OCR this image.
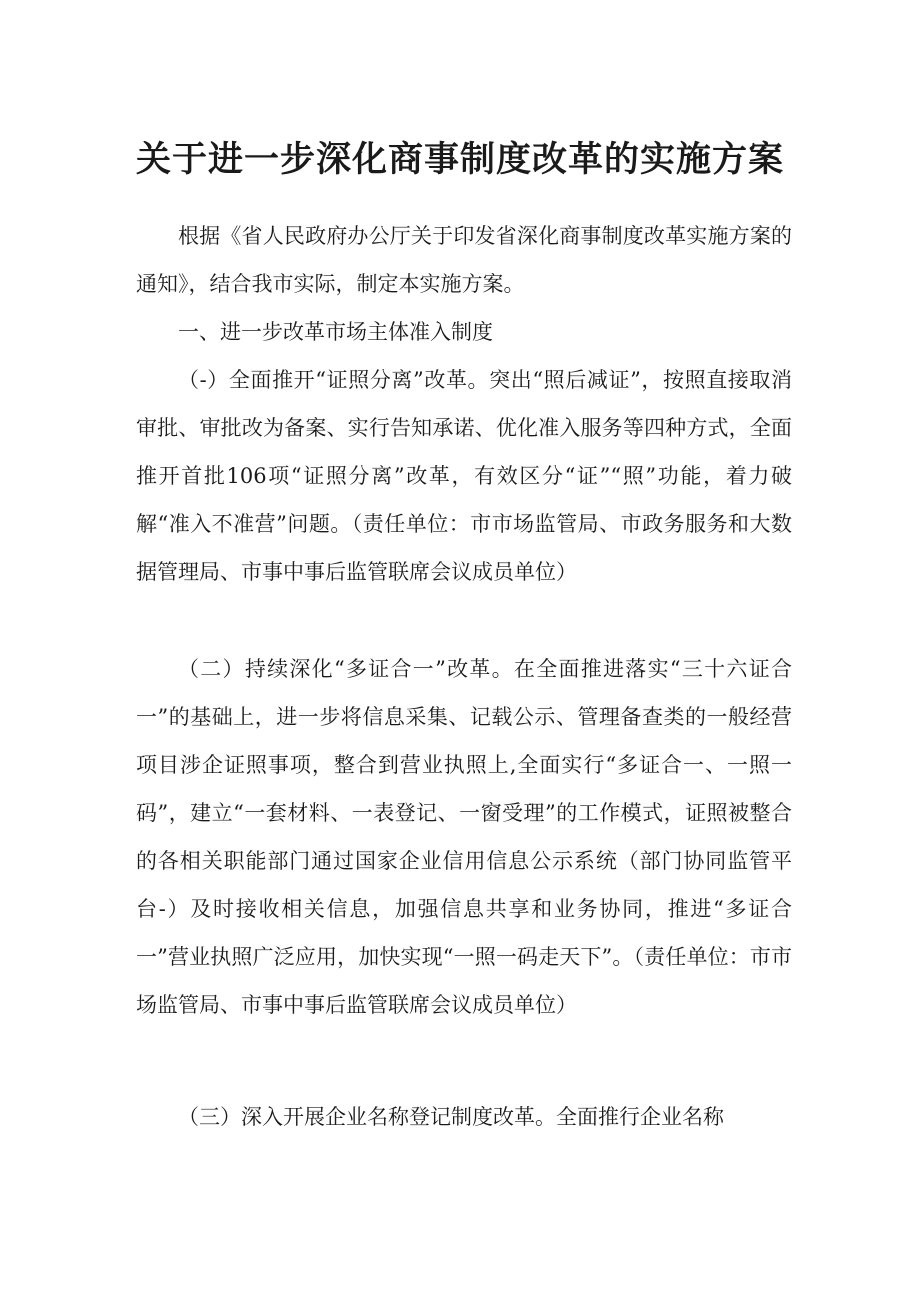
关于进一步深化商事制度改革的实施方案

根据《省人民政府办公厅关于印发省深化商事制度改革实施方案的通知》，结合我市实际，制定本实施方案。

一、进一步改革市场主体准入制度

（-）全面推开“证照分离”改革。突出“照后减证”，按照直接取消审批、审批改为备案、实行告知承诺、优化准入服务等四种方式，全面推开首批106项“证照分离”改革，有效区分“证”“照”功能，着力破解“准入不准营”问题。（责任单位：市市场监管局、市政务服务和大数据管理局、市事中事后监管联席会议成员单位）

（二）持续深化“多证合一”改革。在全面推进落实“三十六证合一”的基础上，进一步将信息采集、记载公示、管理备查类的一般经营项目涉企证照事项，整合到营业执照上,全面实行“多证合一、一照一码”，建立“一套材料、一表登记、一窗受理”的工作模式，证照被整合的各相关职能部门通过国家企业信用信息公示系统（部门协同监管平台-）及时接收相关信息，加强信息共享和业务协同，推进“多证合一”营业执照广泛应用，加快实现“一照一码走天下”。（责任单位：市市场监管局、市事中事后监管联席会议成员单位）

（三）深入开展企业名称登记制度改革。全面推行企业名称
